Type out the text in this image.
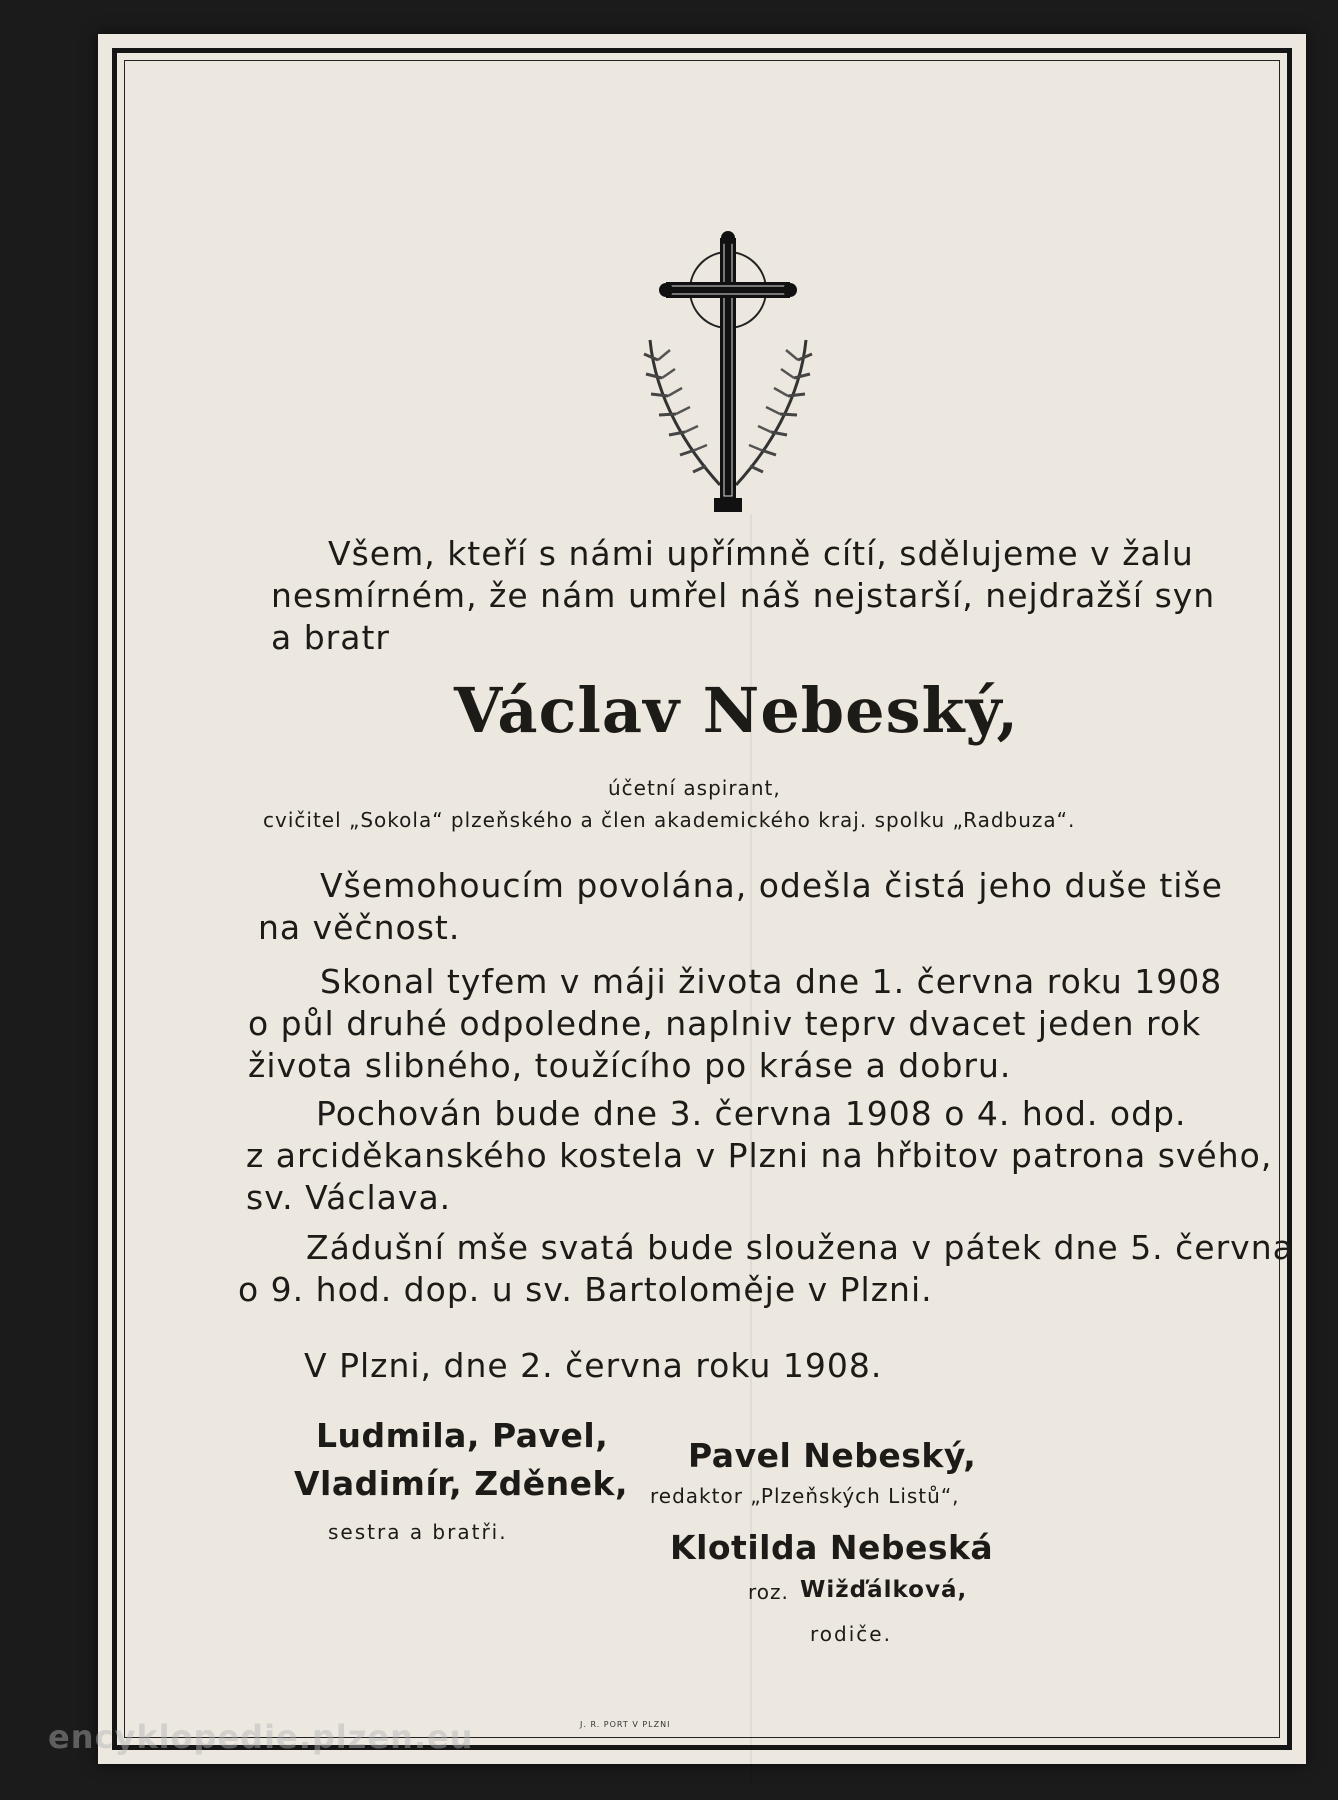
Všem, kteří s námi upřímně cítí, sdělujeme v žalu
nesmírném, že nám umřel náš nejstarší, nejdražší syn
a bratr
Václav Nebeský,
účetní aspirant,
cvičitel „Sokola“ plzeňského a člen akademického kraj. spolku „Radbuza“.
Všemohoucím povolána, odešla čistá jeho duše tiše
na věčnost.
Skonal tyfem v máji života dne 1. června roku 1908
o půl druhé odpoledne, naplniv teprv dvacet jeden rok
života slibného, toužícího po kráse a dobru.
Pochován bude dne 3. června 1908 o 4. hod. odp.
z arciděkanského kostela v Plzni na hřbitov patrona svého,
sv. Václava.
Zádušní mše svatá bude sloužena v pátek dne 5. června
o 9. hod. dop. u sv. Bartoloměje v Plzni.
V Plzni, dne 2. června roku 1908.
Ludmila, Pavel,
Vladimír, Zděnek,
sestra a bratři.
Pavel Nebeský,
redaktor „Plzeňských Listů“,
Klotilda Nebeská
roz. Wižďálková,
rodiče.
J. R. PORT V PLZNI
encyklopedie.plzen.eu
